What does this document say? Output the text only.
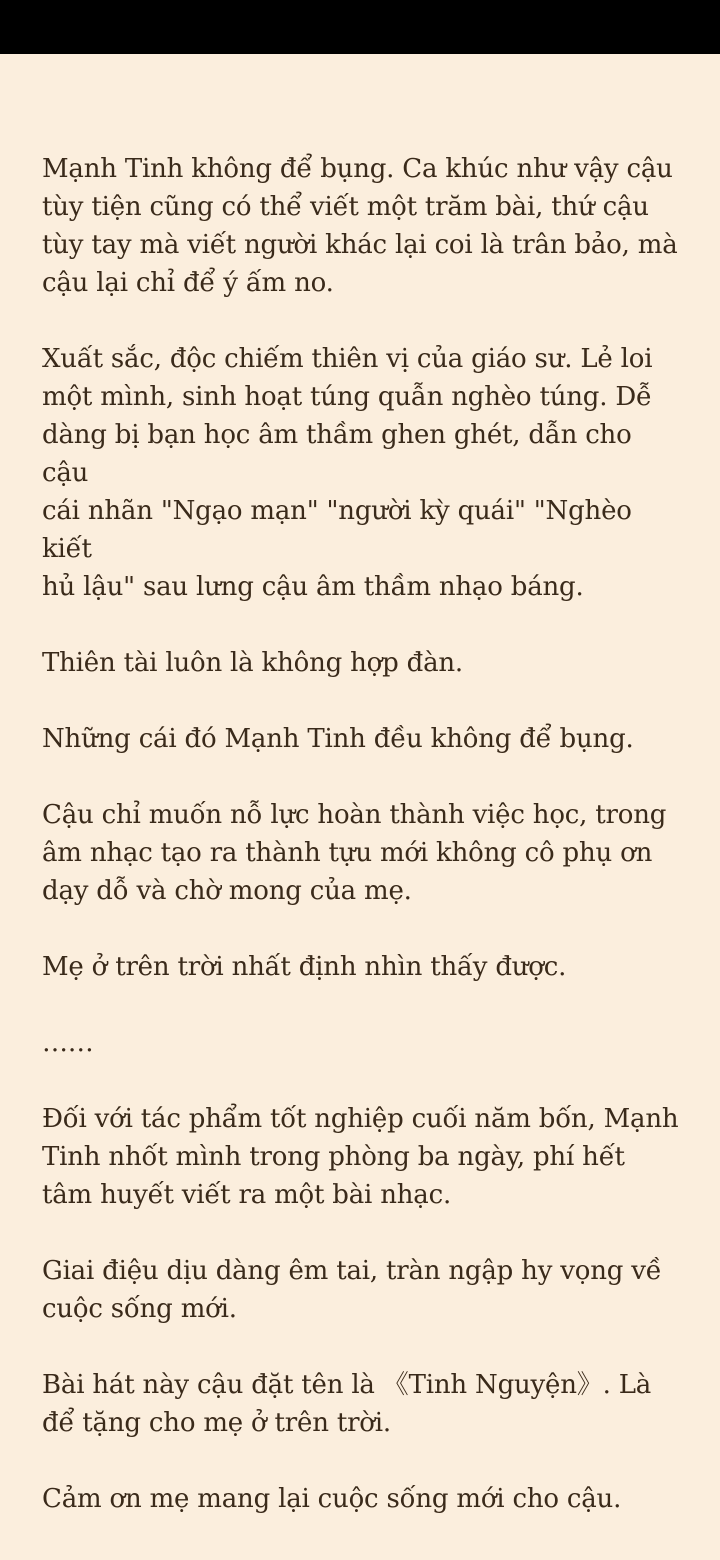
Mạnh Tinh không để bụng. Ca khúc như vậy cậu
tùy tiện cũng có thể viết một trăm bài, thứ cậu
tùy tay mà viết người khác lại coi là trân bảo, mà
cậu lại chỉ để ý ấm no.

Xuất sắc, độc chiếm thiên vị của giáo sư. Lẻ loi
một mình, sinh hoạt túng quẫn nghèo túng. Dễ
dàng bị bạn học âm thầm ghen ghét, dẫn cho cậu
cái nhãn "Ngạo mạn" "người kỳ quái" "Nghèo kiết
hủ lậu" sau lưng cậu âm thầm nhạo báng.

Thiên tài luôn là không hợp đàn.

Những cái đó Mạnh Tinh đều không để bụng.

Cậu chỉ muốn nỗ lực hoàn thành việc học, trong
âm nhạc tạo ra thành tựu mới không cô phụ ơn
dạy dỗ và chờ mong của mẹ.

Mẹ ở trên trời nhất định nhìn thấy được.

……

Đối với tác phẩm tốt nghiệp cuối năm bốn, Mạnh
Tinh nhốt mình trong phòng ba ngày, phí hết
tâm huyết viết ra một bài nhạc.

Giai điệu dịu dàng êm tai, tràn ngập hy vọng về
cuộc sống mới.

Bài hát này cậu đặt tên là 《Tinh Nguyện》. Là
để tặng cho mẹ ở trên trời.

Cảm ơn mẹ mang lại cuộc sống mới cho cậu.
